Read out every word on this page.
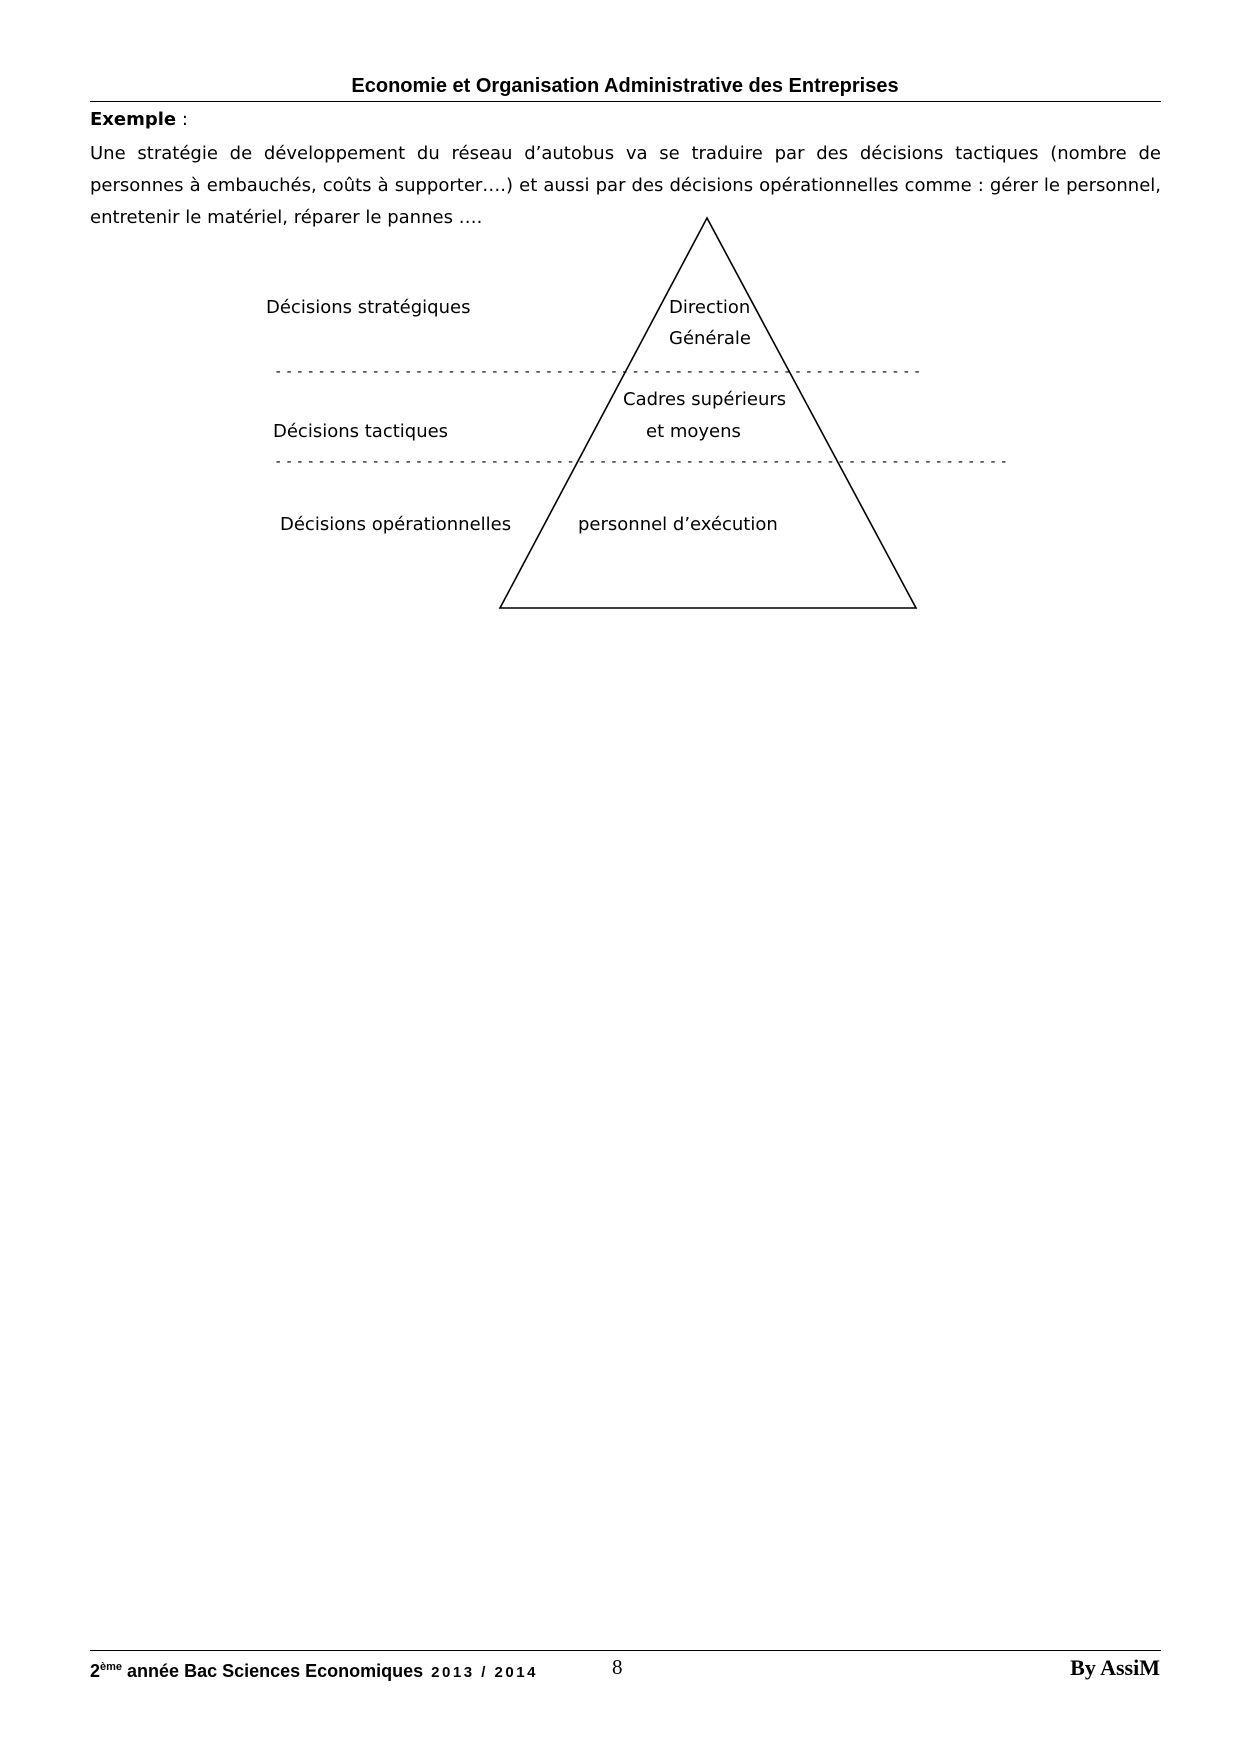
Economie et Organisation Administrative des Entreprises
Exemple :
Une stratégie de développement du réseau d’autobus va se traduire par des décisions tactiques (nombre de personnes à embauchés, coûts à supporter….) et aussi par des décisions opérationnelles comme : gérer le personnel, entretenir le matériel, réparer le pannes ….
------------------------------------------------------------
--------------------------------------------------------------------
Décisions stratégiques	Direction
Générale
Cadres supérieurs
Décisions tactiques	et moyens
Décisions opérationnelles	personnel d’exécution
2ème année Bac Sciences Economiques 2013 / 2014	8	By AssiM
